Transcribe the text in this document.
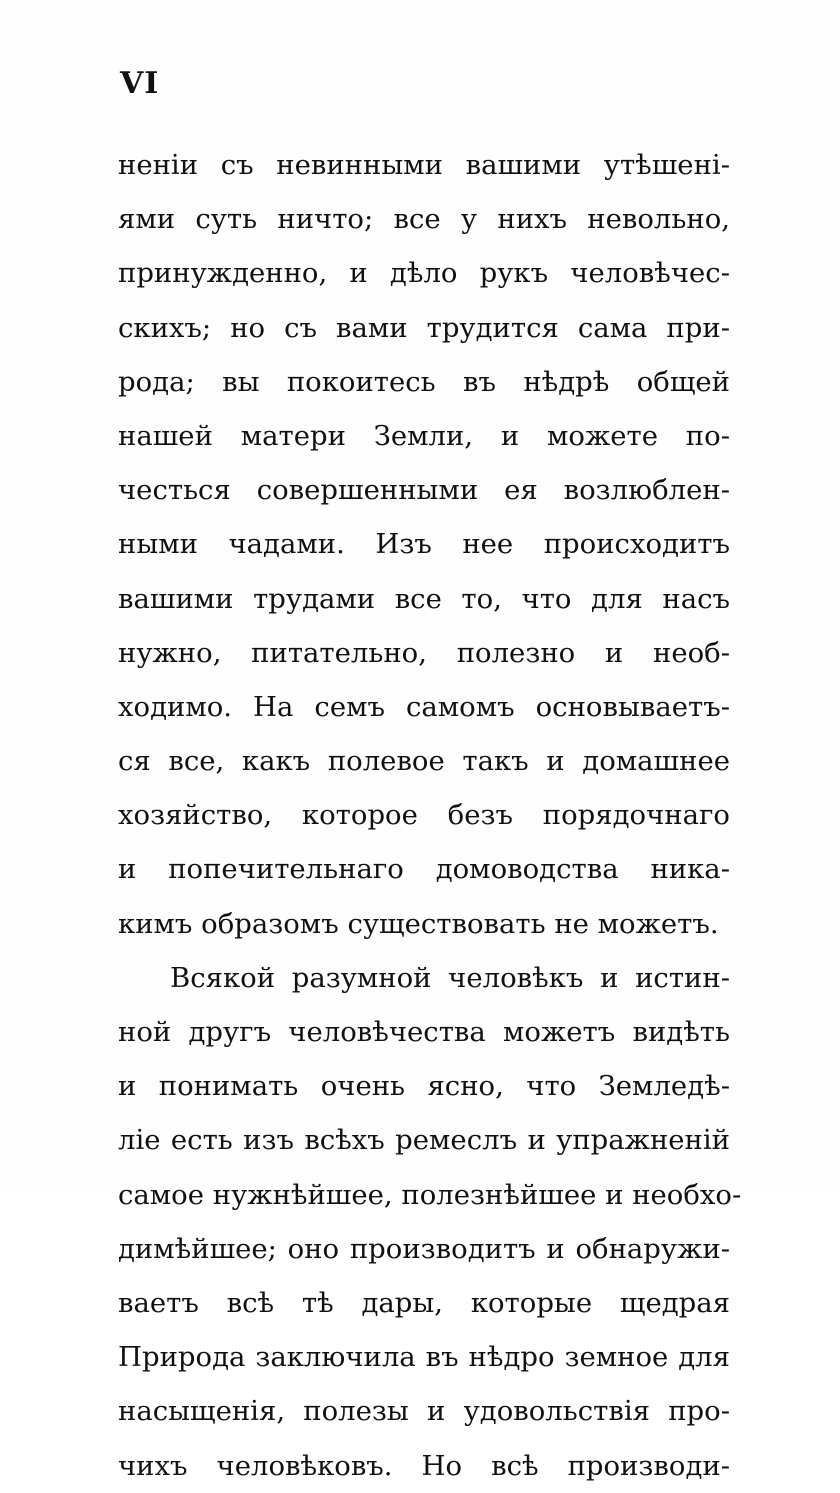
VI
ненiи съ невинными вашими утѣшенi-
ями суть ничто; все у нихъ невольно,
принужденно, и дѣло рукъ человѣчес-
скихъ; но съ вами трудится сама при-
рода; вы покоитесь въ нѣдрѣ общей
нашей матери Земли, и можете по-
честься совершенными ея возлюблен-
ными чадами. Изъ нее происходитъ
вашими трудами все то, что для насъ
нужно, питательно, полезно и необ-
ходимо. На семъ самомъ основываетъ-
ся все, какъ полевое такъ и домашнее
хозяйство, которое безъ порядочнаго
и попечительнаго домоводства ника-
кимъ образомъ существовать не можетъ.
Всякой разумной человѣкъ и истин-
ной другъ человѣчества можетъ видѣть
и понимать очень ясно, что Земледѣ-
лiе есть изъ всѣхъ ремеслъ и упражненiй
самое нужнѣйшее, полезнѣйшее и необхо-
димѣйшее; оно производитъ и обнаружи-
ваетъ всѣ тѣ дары, которые щедрая
Природа заключила въ нѣдро земное для
насыщенiя, полезы и удовольствiя про-
чихъ человѣковъ. Но всѣ производи-
